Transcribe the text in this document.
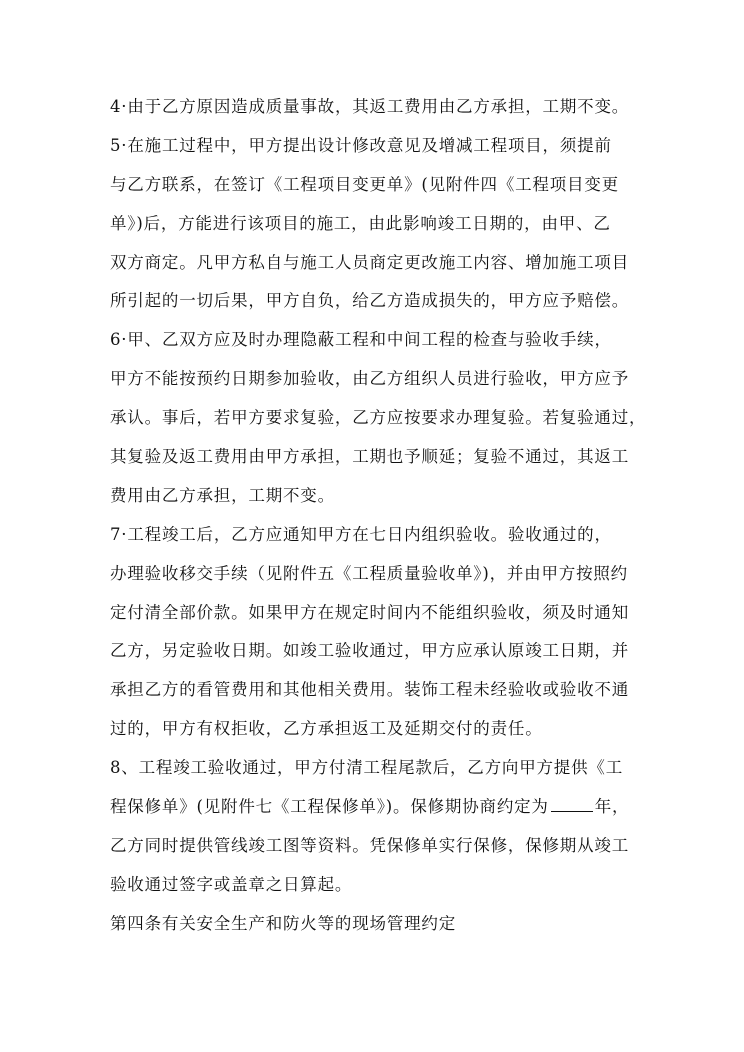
4·由于乙方原因造成质量事故，其返工费用由乙方承担，工期不变。
5·在施工过程中，甲方提出设计修改意见及增减工程项目，须提前
与乙方联系，在签订《工程项目变更单》(见附件四《工程项目变更
单》)后，方能进行该项目的施工，由此影响竣工日期的，由甲、乙
双方商定。凡甲方私自与施工人员商定更改施工内容、增加施工项目
所引起的一切后果，甲方自负，给乙方造成损失的，甲方应予赔偿。
6·甲、乙双方应及时办理隐蔽工程和中间工程的检查与验收手续，
甲方不能按预约日期参加验收，由乙方组织人员进行验收，甲方应予
承认。事后，若甲方要求复验，乙方应按要求办理复验。若复验通过，
其复验及返工费用由甲方承担，工期也予顺延；复验不通过，其返工
费用由乙方承担，工期不变。
7·工程竣工后，乙方应通知甲方在七日内组织验收。验收通过的，
办理验收移交手续（见附件五《工程质量验收单》)，并由甲方按照约
定付清全部价款。如果甲方在规定时间内不能组织验收，须及时通知
乙方，另定验收日期。如竣工验收通过，甲方应承认原竣工日期，并
承担乙方的看管费用和其他相关费用。装饰工程未经验收或验收不通
过的，甲方有权拒收，乙方承担返工及延期交付的责任。
8、工程竣工验收通过，甲方付清工程尾款后，乙方向甲方提供《工
程保修单》(见附件七《工程保修单》)。保修期协商约定为	年，
乙方同时提供管线竣工图等资料。凭保修单实行保修，保修期从竣工
验收通过签字或盖章之日算起。
第四条有关安全生产和防火等的现场管理约定
